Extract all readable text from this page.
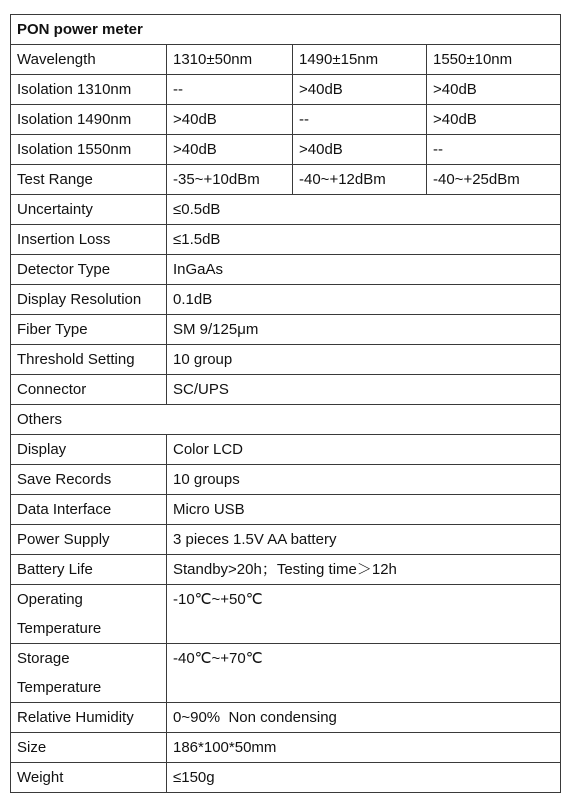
PON power meter			
Wavelength	1310±50nm	1490±15nm	1550±10nm
Isolation 1310nm	--	>40dB	>40dB
Isolation 1490nm	>40dB	--	>40dB
Isolation 1550nm	>40dB	>40dB	--
Test Range	-35~+10dBm	-40~+12dBm	-40~+25dBm
Uncertainty	≤0.5dB		
Insertion Loss	≤1.5dB		
Detector Type	InGaAs		
Display Resolution	0.1dB		
Fiber Type	SM 9/125μm		
Threshold Setting	10 group		
Connector	SC/UPS		
Others			
Display	Color LCD		
Save Records	10 groups		
Data Interface	Micro USB		
Power Supply	3 pieces 1.5V AA battery		
Battery Life	Standby>20h；Testing time＞12h		

Operating
Temperature	-10℃~+50℃		

Storage
Temperature	-40℃~+70℃		

Relative Humidity	0~90%  Non condensing		
Size	186*100*50mm		
Weight	≤150g		
